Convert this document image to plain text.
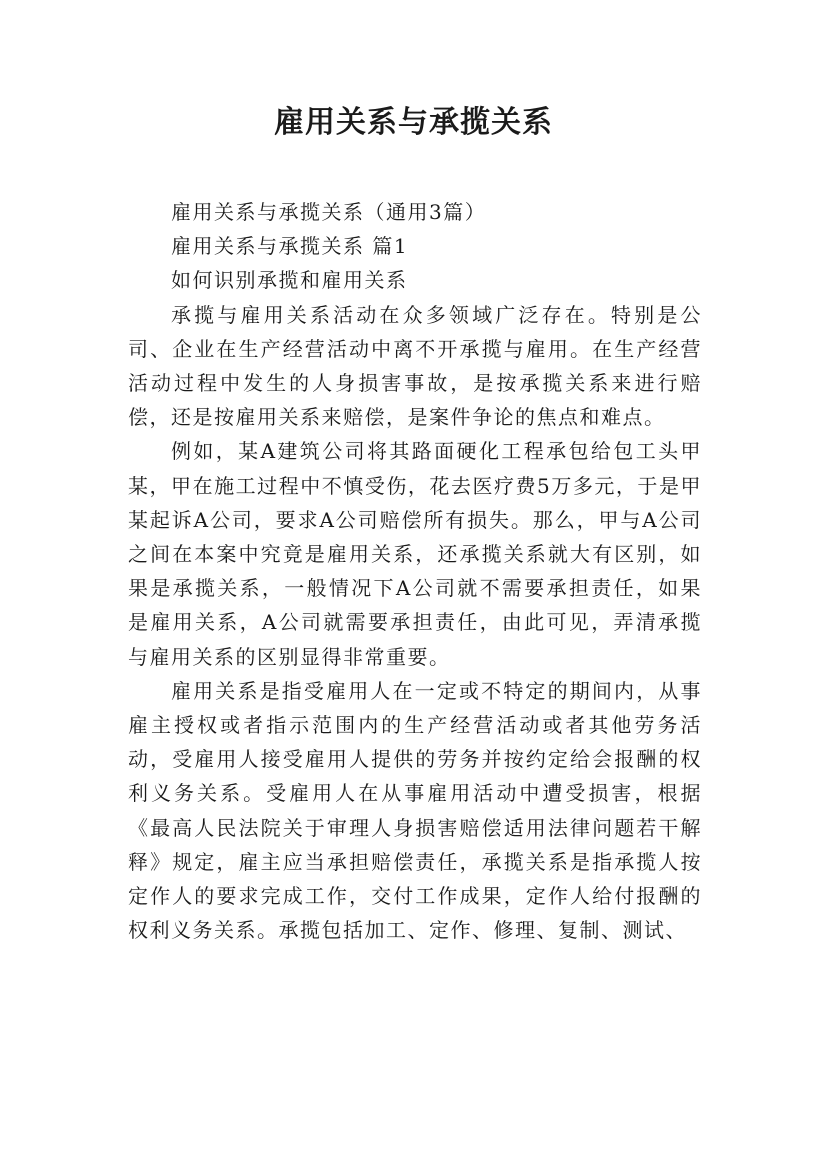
雇用关系与承揽关系

雇用关系与承揽关系（通用3篇）

雇用关系与承揽关系 篇1

如何识别承揽和雇用关系

承揽与雇用关系活动在众多领域广泛存在。特别是公司、企业在生产经营活动中离不开承揽与雇用。在生产经营活动过程中发生的人身损害事故，是按承揽关系来进行赔偿，还是按雇用关系来赔偿，是案件争论的焦点和难点。

例如，某A建筑公司将其路面硬化工程承包给包工头甲某，甲在施工过程中不慎受伤，花去医疗费5万多元，于是甲某起诉A公司，要求A公司赔偿所有损失。那么，甲与A公司之间在本案中究竟是雇用关系，还承揽关系就大有区别，如果是承揽关系，一般情况下A公司就不需要承担责任，如果是雇用关系，A公司就需要承担责任，由此可见，弄清承揽与雇用关系的区别显得非常重要。

雇用关系是指受雇用人在一定或不特定的期间内，从事雇主授权或者指示范围内的生产经营活动或者其他劳务活动，受雇用人接受雇用人提供的劳务并按约定给会报酬的权利义务关系。受雇用人在从事雇用活动中遭受损害，根据《最高人民法院关于审理人身损害赔偿适用法律问题若干解释》规定，雇主应当承担赔偿责任，承揽关系是指承揽人按定作人的要求完成工作，交付工作成果，定作人给付报酬的权利义务关系。承揽包括加工、定作、修理、复制、测试、
